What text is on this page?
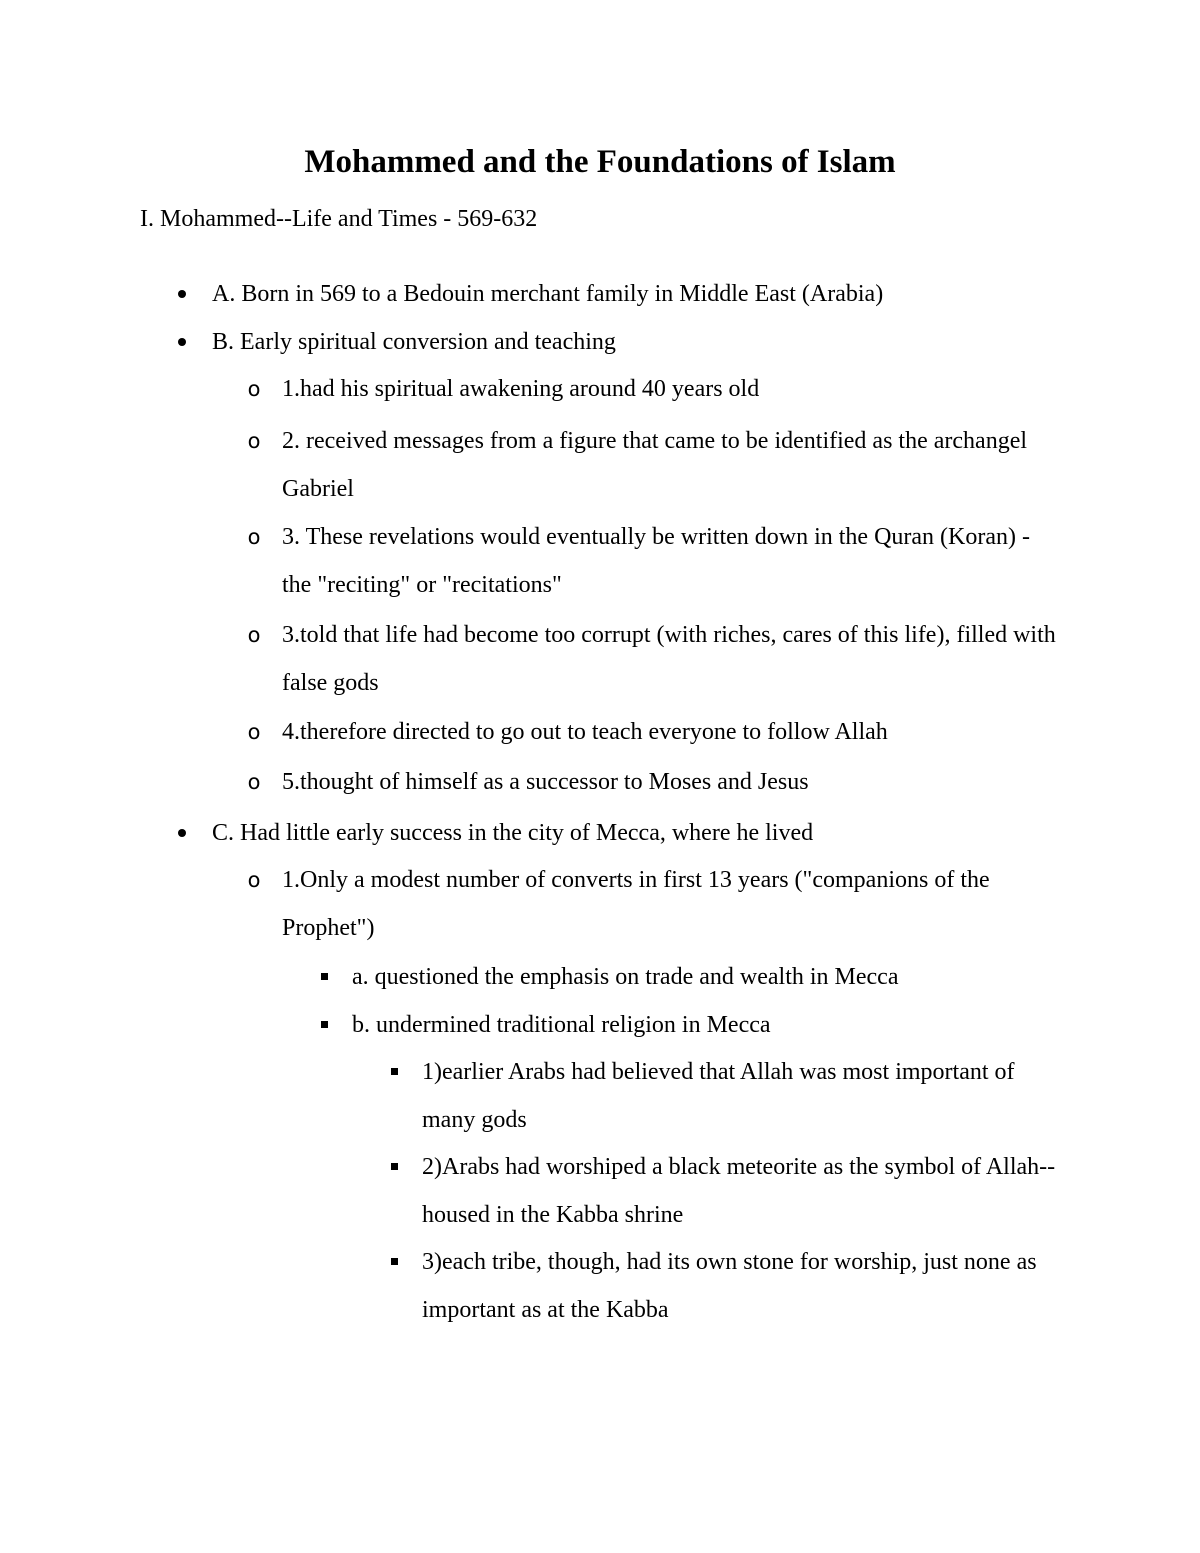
Mohammed and the Foundations of Islam

I. Mohammed--Life and Times - 569-632

A. Born in 569 to a Bedouin merchant family in Middle East (Arabia)
B. Early spiritual conversion and teaching
o 1.had his spiritual awakening around 40 years old
o 2. received messages from a figure that came to be identified as the archangel Gabriel
o 3. These revelations would eventually be written down in the Quran (Koran) - the "reciting" or "recitations"
o 3.told that life had become too corrupt (with riches, cares of this life), filled with false gods
o 4.therefore directed to go out to teach everyone to follow Allah
o 5.thought of himself as a successor to Moses and Jesus
C. Had little early success in the city of Mecca, where he lived
o 1.Only a modest number of converts in first 13 years ("companions of the Prophet")
a. questioned the emphasis on trade and wealth in Mecca
b. undermined traditional religion in Mecca
1)earlier Arabs had believed that Allah was most important of many gods
2)Arabs had worshiped a black meteorite as the symbol of Allah--housed in the Kabba shrine
3)each tribe, though, had its own stone for worship, just none as important as at the Kabba
